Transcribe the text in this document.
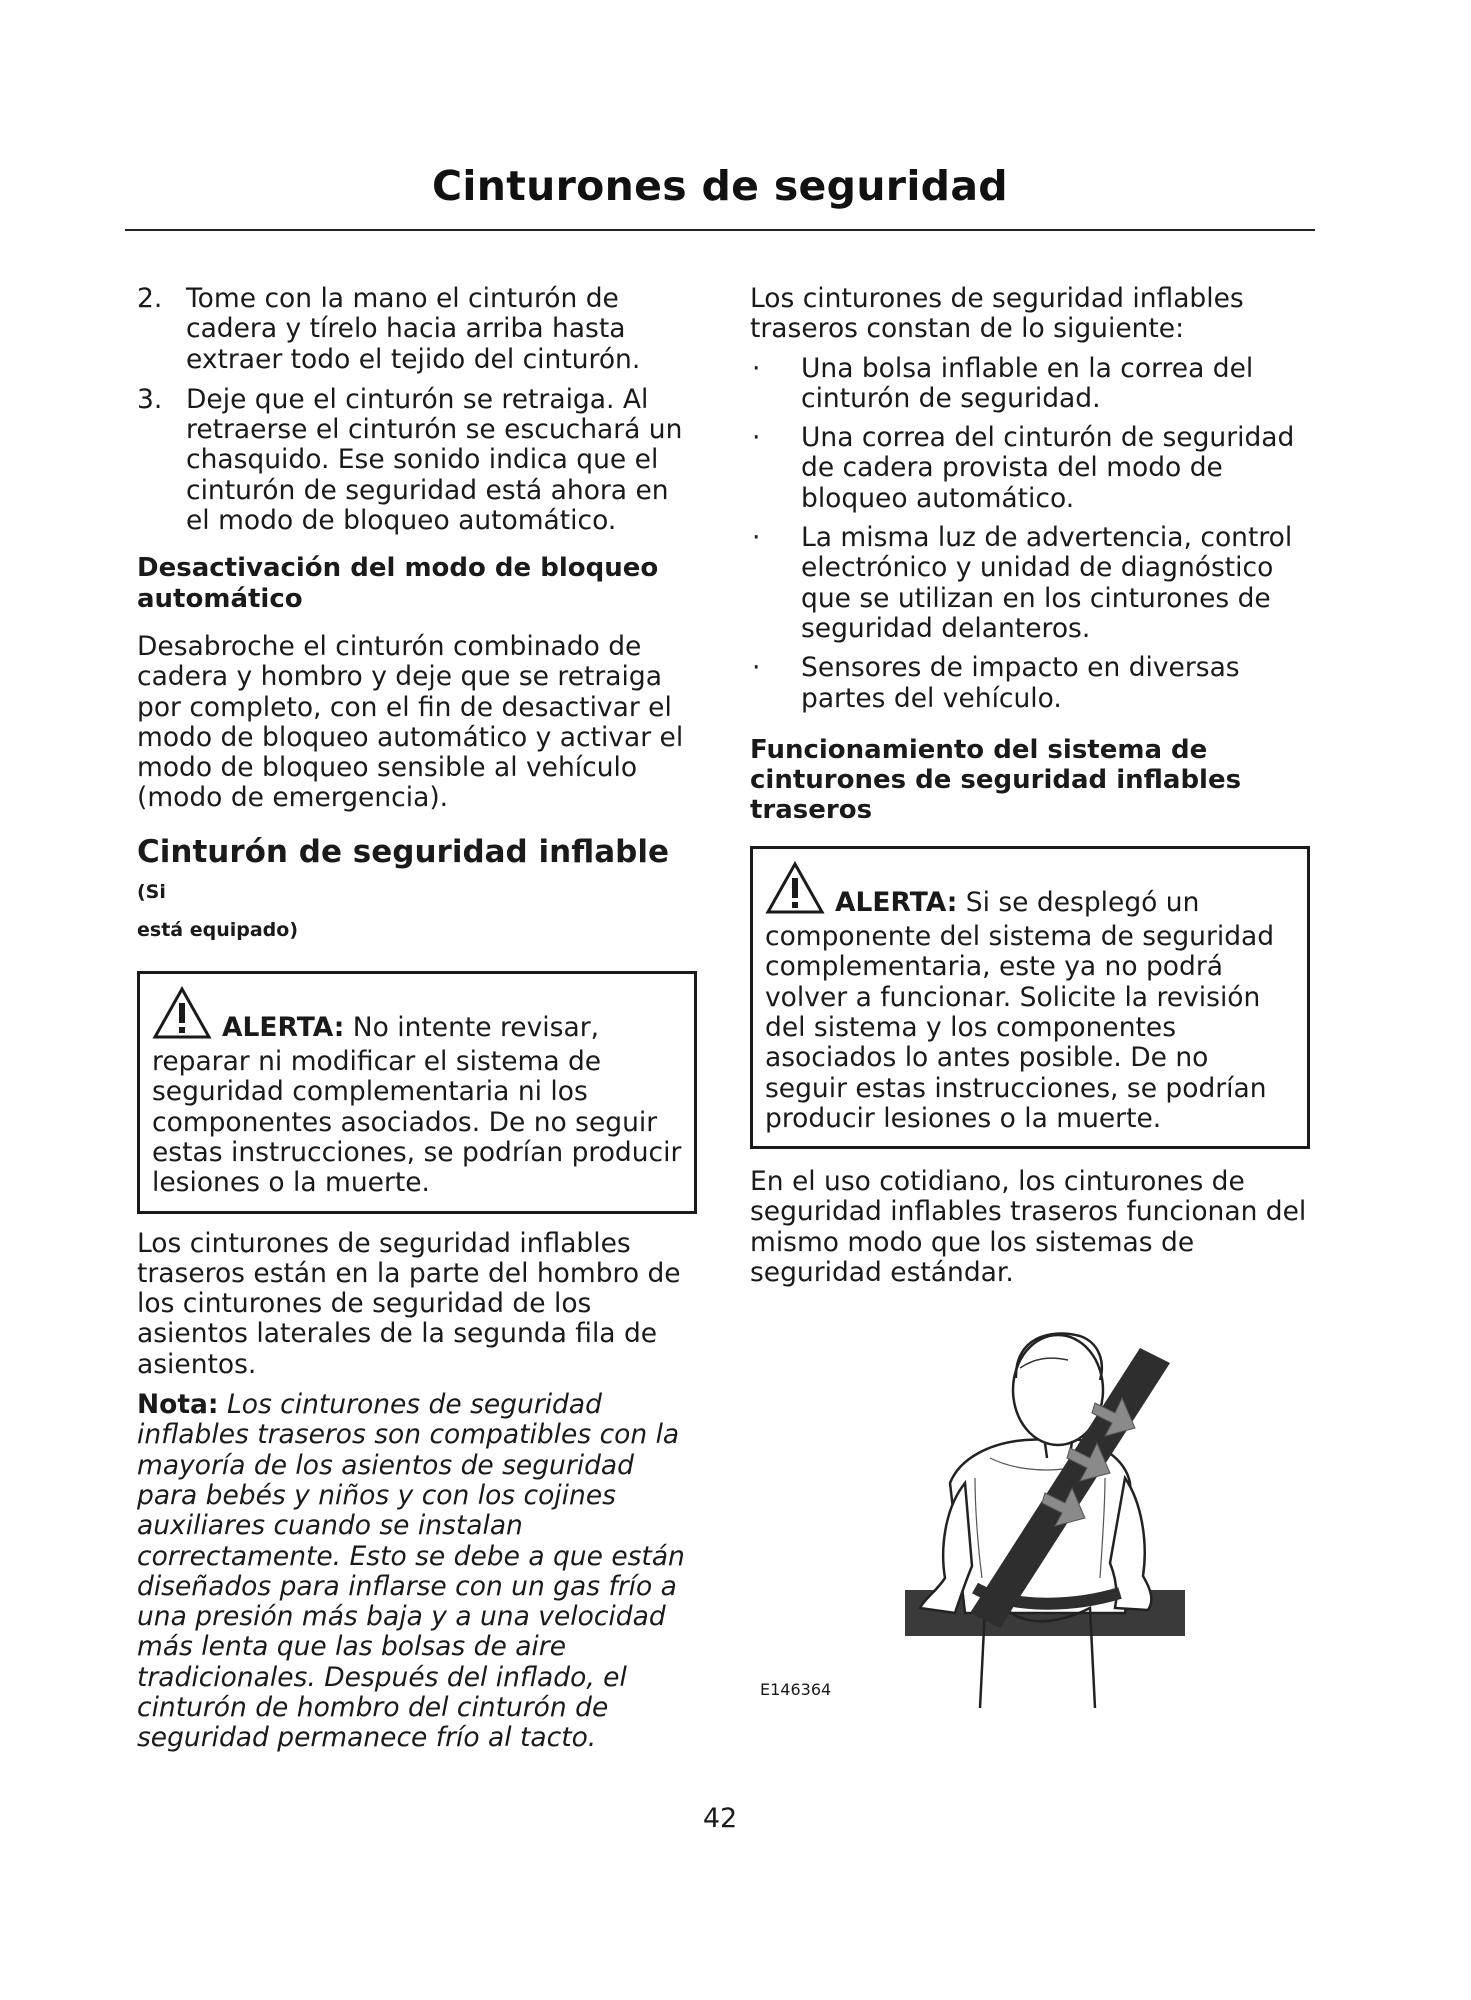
Cinturones de seguridad
2. Tome con la mano el cinturón de cadera y tírelo hacia arriba hasta extraer todo el tejido del cinturón.
3. Deje que el cinturón se retraiga. Al retraerse el cinturón se escuchará un chasquido. Ese sonido indica que el cinturón de seguridad está ahora en el modo de bloqueo automático.
Desactivación del modo de bloqueo automático

Desabroche el cinturón combinado de cadera y hombro y deje que se retraiga por completo, con el fin de desactivar el modo de bloqueo automático y activar el modo de bloqueo sensible al vehículo (modo de emergencia).

Cinturón de seguridad inflable (Si

está equipado)

ALERTA: No intente revisar, reparar ni modificar el sistema de seguridad complementaria ni los componentes asociados. De no seguir estas instrucciones, se podrían producir lesiones o la muerte.

Los cinturones de seguridad inflables traseros están en la parte del hombro de los cinturones de seguridad de los asientos laterales de la segunda fila de asientos.

Nota: Los cinturones de seguridad inflables traseros son compatibles con la mayoría de los asientos de seguridad para bebés y niños y con los cojines auxiliares cuando se instalan correctamente. Esto se debe a que están diseñados para inflarse con un gas frío a una presión más baja y a una velocidad más lenta que las bolsas de aire tradicionales. Después del inflado, el cinturón de hombro del cinturón de seguridad permanece frío al tacto.

Los cinturones de seguridad inflables traseros constan de lo siguiente:

·	Una bolsa inflable en la correa del cinturón de seguridad.
·	Una correa del cinturón de seguridad de cadera provista del modo de bloqueo automático.
·	La misma luz de advertencia, control electrónico y unidad de diagnóstico que se utilizan en los cinturones de seguridad delanteros.
·	Sensores de impacto en diversas partes del vehículo.
Funcionamiento del sistema de cinturones de seguridad inflables traseros

ALERTA: Si se desplegó un componente del sistema de seguridad complementaria, este ya no podrá volver a funcionar. Solicite la revisión del sistema y los componentes asociados lo antes posible. De no seguir estas instrucciones, se podrían producir lesiones o la muerte.

En el uso cotidiano, los cinturones de seguridad inflables traseros funcionan del mismo modo que los sistemas de seguridad estándar.

E146364
42
